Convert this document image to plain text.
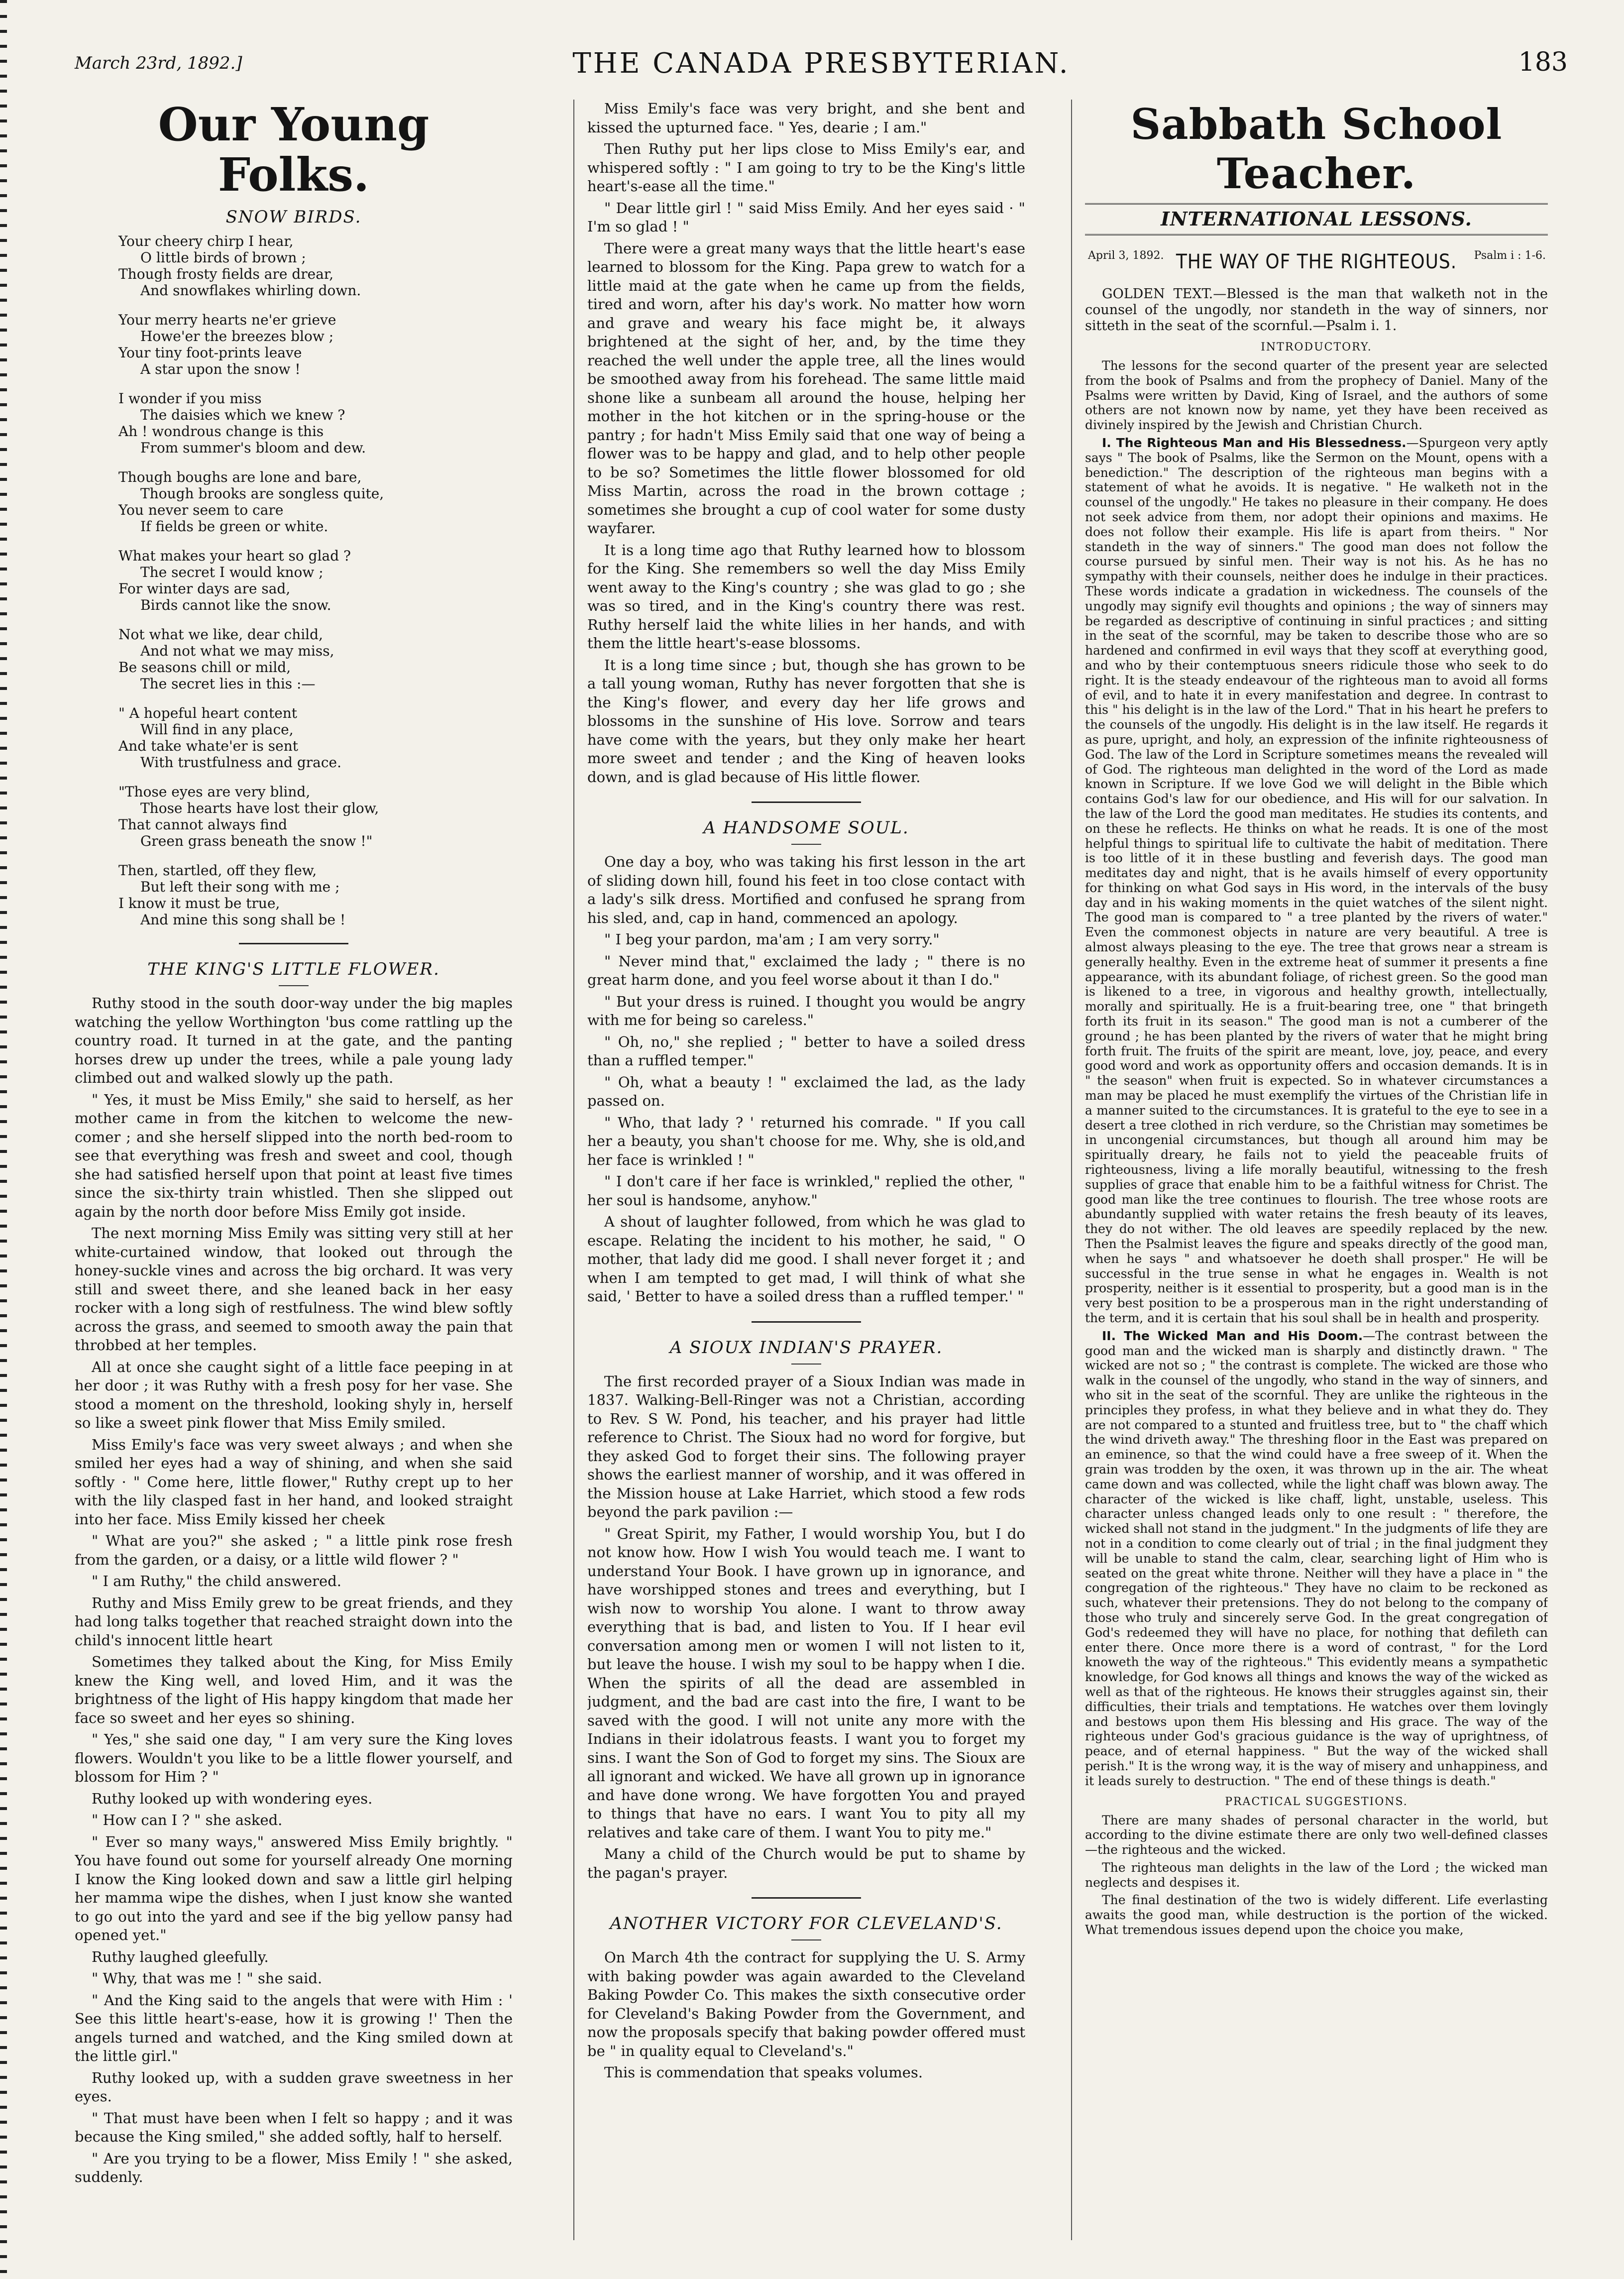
March 23rd, 1892.]	THE CANADA PRESBYTERIAN.	183
Our Young Folks.
SNOW BIRDS.
Your cheery chirp I hear,
O little birds of brown ;
Though frosty fields are drear,
And snowflakes whirling down.
Your merry hearts ne'er grieve
Howe'er the breezes blow ;
Your tiny foot-prints leave
A star upon the snow !
I wonder if you miss
The daisies which we knew ?
Ah ! wondrous change is this
From summer's bloom and dew.
Though boughs are lone and bare,
Though brooks are songless quite,
You never seem to care
If fields be green or white.
What makes your heart so glad ?
The secret I would know ;
For winter days are sad,
Birds cannot like the snow.
Not what we like, dear child,
And not what we may miss,
Be seasons chill or mild,
The secret lies in this :—
" A hopeful heart content
Will find in any place,
And take whate'er is sent
With trustfulness and grace.
"Those eyes are very blind,
Those hearts have lost their glow,
That cannot always find
Green grass beneath the snow !"
Then, startled, off they flew,
But left their song with me ;
I know it must be true,
And mine this song shall be !
THE KING'S LITTLE FLOWER.

Ruthy stood in the south door-way under the big maples watching the yellow Worthington 'bus come rattling up the country road. It turned in at the gate, and the panting horses drew up under the trees, while a pale young lady climbed out and walked slowly up the path.

" Yes, it must be Miss Emily," she said to herself, as her mother came in from the kitchen to welcome the new-comer ; and she herself slipped into the north bed-room to see that everything was fresh and sweet and cool, though she had satisfied herself upon that point at least five times since the six-thirty train whistled. Then she slipped out again by the north door before Miss Emily got inside.

The next morning Miss Emily was sitting very still at her white-curtained window, that looked out through the honey-suckle vines and across the big orchard. It was very still and sweet there, and she leaned back in her easy rocker with a long sigh of restfulness. The wind blew softly across the grass, and seemed to smooth away the pain that throbbed at her temples.

All at once she caught sight of a little face peeping in at her door ; it was Ruthy with a fresh posy for her vase. She stood a moment on the threshold, looking shyly in, herself so like a sweet pink flower that Miss Emily smiled.

Miss Emily's face was very sweet always ; and when she smiled her eyes had a way of shining, and when she said softly · " Come here, little flower," Ruthy crept up to her with the lily clasped fast in her hand, and looked straight into her face. Miss Emily kissed her cheek

" What are you?" she asked ; " a little pink rose fresh from the garden, or a daisy, or a little wild flower ? "

" I am Ruthy," the child answered.

Ruthy and Miss Emily grew to be great friends, and they had long talks together that reached straight down into the child's innocent little heart

Sometimes they talked about the King, for Miss Emily knew the King well, and loved Him, and it was the brightness of the light of His happy kingdom that made her face so sweet and her eyes so shining.

" Yes," she said one day, " I am very sure the King loves flowers. Wouldn't you like to be a little flower yourself, and blossom for Him ? "

Ruthy looked up with wondering eyes.

" How can I ? " she asked.

" Ever so many ways," answered Miss Emily brightly. " You have found out some for yourself already One morning I know the King looked down and saw a little girl helping her mamma wipe the dishes, when I just know she wanted to go out into the yard and see if the big yellow pansy had opened yet."

Ruthy laughed gleefully.

" Why, that was me ! " she said.

" And the King said to the angels that were with Him : ' See this little heart's-ease, how it is growing !' Then the angels turned and watched, and the King smiled down at the little girl."

Ruthy looked up, with a sudden grave sweetness in her eyes.

" That must have been when I felt so happy ; and it was because the King smiled," she added softly, half to herself.

" Are you trying to be a flower, Miss Emily ! " she asked, suddenly.

Miss Emily's face was very bright, and she bent and kissed the upturned face. " Yes, dearie ; I am."

Then Ruthy put her lips close to Miss Emily's ear, and whispered softly : " I am going to try to be the King's little heart's-ease all the time."

" Dear little girl ! " said Miss Emily. And her eyes said · " I'm so glad ! "

There were a great many ways that the little heart's ease learned to blossom for the King. Papa grew to watch for a little maid at the gate when he came up from the fields, tired and worn, after his day's work. No matter how worn and grave and weary his face might be, it always brightened at the sight of her, and, by the time they reached the well under the apple tree, all the lines would be smoothed away from his forehead. The same little maid shone like a sunbeam all around the house, helping her mother in the hot kitchen or in the spring-house or the pantry ; for hadn't Miss Emily said that one way of being a flower was to be happy and glad, and to help other people to be so? Sometimes the little flower blossomed for old Miss Martin, across the road in the brown cottage ; sometimes she brought a cup of cool water for some dusty wayfarer.

It is a long time ago that Ruthy learned how to blossom for the King. She remembers so well the day Miss Emily went away to the King's country ; she was glad to go ; she was so tired, and in the King's country there was rest. Ruthy herself laid the white lilies in her hands, and with them the little heart's-ease blossoms.

It is a long time since ; but, though she has grown to be a tall young woman, Ruthy has never forgotten that she is the King's flower, and every day her life grows and blossoms in the sunshine of His love. Sorrow and tears have come with the years, but they only make her heart more sweet and tender ; and the King of heaven looks down, and is glad because of His little flower.

A HANDSOME SOUL.

One day a boy, who was taking his first lesson in the art of sliding down hill, found his feet in too close contact with a lady's silk dress. Mortified and confused he sprang from his sled, and, cap in hand, commenced an apology.

" I beg your pardon, ma'am ; I am very sorry."

" Never mind that," exclaimed the lady ; " there is no great harm done, and you feel worse about it than I do."

" But your dress is ruined. I thought you would be angry with me for being so careless."

" Oh, no," she replied ; " better to have a soiled dress than a ruffled temper."

" Oh, what a beauty ! " exclaimed the lad, as the lady passed on.

" Who, that lady ? ' returned his comrade. " If you call her a beauty, you shan't choose for me. Why, she is old,and her face is wrinkled ! "

" I don't care if her face is wrinkled," replied the other, " her soul is handsome, anyhow."

A shout of laughter followed, from which he was glad to escape. Relating the incident to his mother, he said, " O mother, that lady did me good. I shall never forget it ; and when I am tempted to get mad, I will think of what she said, ' Better to have a soiled dress than a ruffled temper.' "

A SIOUX INDIAN'S PRAYER.

The first recorded prayer of a Sioux Indian was made in 1837. Walking-Bell-Ringer was not a Christian, according to Rev. S W. Pond, his teacher, and his prayer had little reference to Christ. The Sioux had no word for forgive, but they asked God to forget their sins. The following prayer shows the earliest manner of worship, and it was offered in the Mission house at Lake Harriet, which stood a few rods beyond the park pavilion :—

" Great Spirit, my Father, I would worship You, but I do not know how. How I wish You would teach me. I want to understand Your Book. I have grown up in ignorance, and have worshipped stones and trees and everything, but I wish now to worship You alone. I want to throw away everything that is bad, and listen to You. If I hear evil conversation among men or women I will not listen to it, but leave the house. I wish my soul to be happy when I die. When the spirits of all the dead are assembled in judgment, and the bad are cast into the fire, I want to be saved with the good. I will not unite any more with the Indians in their idolatrous feasts. I want you to forget my sins. I want the Son of God to forget my sins. The Sioux are all ignorant and wicked. We have all grown up in ignorance and have done wrong. We have forgotten You and prayed to things that have no ears. I want You to pity all my relatives and take care of them. I want You to pity me."

Many a child of the Church would be put to shame by the pagan's prayer.

ANOTHER VICTORY FOR CLEVELAND'S.

On March 4th the contract for supplying the U. S. Army with baking powder was again awarded to the Cleveland Baking Powder Co. This makes the sixth consecutive order for Cleveland's Baking Powder from the Government, and now the proposals specify that baking powder offered must be " in quality equal to Cleveland's."

This is commendation that speaks volumes.

Sabbath School Teacher.
INTERNATIONAL LESSONS.
April 3, 1892. THE WAY OF THE RIGHTEOUS.	Psalm i : 1-6.
GOLDEN TEXT.—Blessed is the man that walketh not in the counsel of the ungodly, nor standeth in the way of sinners, nor sitteth in the seat of the scornful.—Psalm i. 1.
INTRODUCTORY.

The lessons for the second quarter of the present year are selected from the book of Psalms and from the prophecy of Daniel. Many of the Psalms were written by David, King of Israel, and the authors of some others are not known now by name, yet they have been received as divinely inspired by the Jewish and Christian Church.

I. The Righteous Man and His Blessedness.—Spurgeon very aptly says " The book of Psalms, like the Sermon on the Mount, opens with a benediction." The description of the righteous man begins with a statement of what he avoids. It is negative. " He walketh not in the counsel of the ungodly." He takes no pleasure in their company. He does not seek advice from them, nor adopt their opinions and maxims. He does not follow their example. His life is apart from theirs. " Nor standeth in the way of sinners." The good man does not follow the course pursued by sinful men. Their way is not his. As he has no sympathy with their counsels, neither does he indulge in their practices. These words indicate a gradation in wickedness. The counsels of the ungodly may signify evil thoughts and opinions ; the way of sinners may be regarded as descriptive of continuing in sinful practices ; and sitting in the seat of the scornful, may be taken to describe those who are so hardened and confirmed in evil ways that they scoff at everything good, and who by their contemptuous sneers ridicule those who seek to do right. It is the steady endeavour of the righteous man to avoid all forms of evil, and to hate it in every manifestation and degree. In contrast to this " his delight is in the law of the Lord." That in his heart he prefers to the counsels of the ungodly. His delight is in the law itself. He regards it as pure, upright, and holy, an expression of the infinite righteousness of God. The law of the Lord in Scripture sometimes means the revealed will of God. The righteous man delighted in the word of the Lord as made known in Scripture. If we love God we will delight in the Bible which contains God's law for our obedience, and His will for our salvation. In the law of the Lord the good man meditates. He studies its contents, and on these he reflects. He thinks on what he reads. It is one of the most helpful things to spiritual life to cultivate the habit of meditation. There is too little of it in these bustling and feverish days. The good man meditates day and night, that is he avails himself of every opportunity for thinking on what God says in His word, in the intervals of the busy day and in his waking moments in the quiet watches of the silent night. The good man is compared to " a tree planted by the rivers of water." Even the commonest objects in nature are very beautiful. A tree is almost always pleasing to the eye. The tree that grows near a stream is generally healthy. Even in the extreme heat of summer it presents a fine appearance, with its abundant foliage, of richest green. So the good man is likened to a tree, in vigorous and healthy growth, intellectually, morally and spiritually. He is a fruit-bearing tree, one " that bringeth forth its fruit in its season." The good man is not a cumberer of the ground ; he has been planted by the rivers of water that he might bring forth fruit. The fruits of the spirit are meant, love, joy, peace, and every good word and work as opportunity offers and occasion demands. It is in " the season" when fruit is expected. So in whatever circumstances a man may be placed he must exemplify the virtues of the Christian life in a manner suited to the circumstances. It is grateful to the eye to see in a desert a tree clothed in rich verdure, so the Christian may sometimes be in uncongenial circumstances, but though all around him may be spiritually dreary, he fails not to yield the peaceable fruits of righteousness, living a life morally beautiful, witnessing to the fresh supplies of grace that enable him to be a faithful witness for Christ. The good man like the tree continues to flourish. The tree whose roots are abundantly supplied with water retains the fresh beauty of its leaves, they do not wither. The old leaves are speedily replaced by the new. Then the Psalmist leaves the figure and speaks directly of the good man, when he says " and whatsoever he doeth shall prosper." He will be successful in the true sense in what he engages in. Wealth is not prosperity, neither is it essential to prosperity, but a good man is in the very best position to be a prosperous man in the right understanding of the term, and it is certain that his soul shall be in health and prosperity.

II. The Wicked Man and His Doom.—The contrast between the good man and the wicked man is sharply and distinctly drawn. " The wicked are not so ; " the contrast is complete. The wicked are those who walk in the counsel of the ungodly, who stand in the way of sinners, and who sit in the seat of the scornful. They are unlike the righteous in the principles they profess, in what they believe and in what they do. They are not compared to a stunted and fruitless tree, but to " the chaff which the wind driveth away." The threshing floor in the East was prepared on an eminence, so that the wind could have a free sweep of it. When the grain was trodden by the oxen, it was thrown up in the air. The wheat came down and was collected, while the light chaff was blown away. The character of the wicked is like chaff, light, unstable, useless. This character unless changed leads only to one result : " therefore, the wicked shall not stand in the judgment." In the judgments of life they are not in a condition to come clearly out of trial ; in the final judgment they will be unable to stand the calm, clear, searching light of Him who is seated on the great white throne. Neither will they have a place in " the congregation of the righteous." They have no claim to be reckoned as such, whatever their pretensions. They do not belong to the company of those who truly and sincerely serve God. In the great congregation of God's redeemed they will have no place, for nothing that defileth can enter there. Once more there is a word of contrast, " for the Lord knoweth the way of the righteous." This evidently means a sympathetic knowledge, for God knows all things and knows the way of the wicked as well as that of the righteous. He knows their struggles against sin, their difficulties, their trials and temptations. He watches over them lovingly and bestows upon them His blessing and His grace. The way of the righteous under God's gracious guidance is the way of uprightness, of peace, and of eternal happiness. " But the way of the wicked shall perish." It is the wrong way, it is the way of misery and unhappiness, and it leads surely to destruction. " The end of these things is death."

PRACTICAL SUGGESTIONS.

There are many shades of personal character in the world, but according to the divine estimate there are only two well-defined classes—the righteous and the wicked.

The righteous man delights in the law of the Lord ; the wicked man neglects and despises it.

The final destination of the two is widely different. Life everlasting awaits the good man, while destruction is the portion of the wicked. What tremendous issues depend upon the choice you make,
